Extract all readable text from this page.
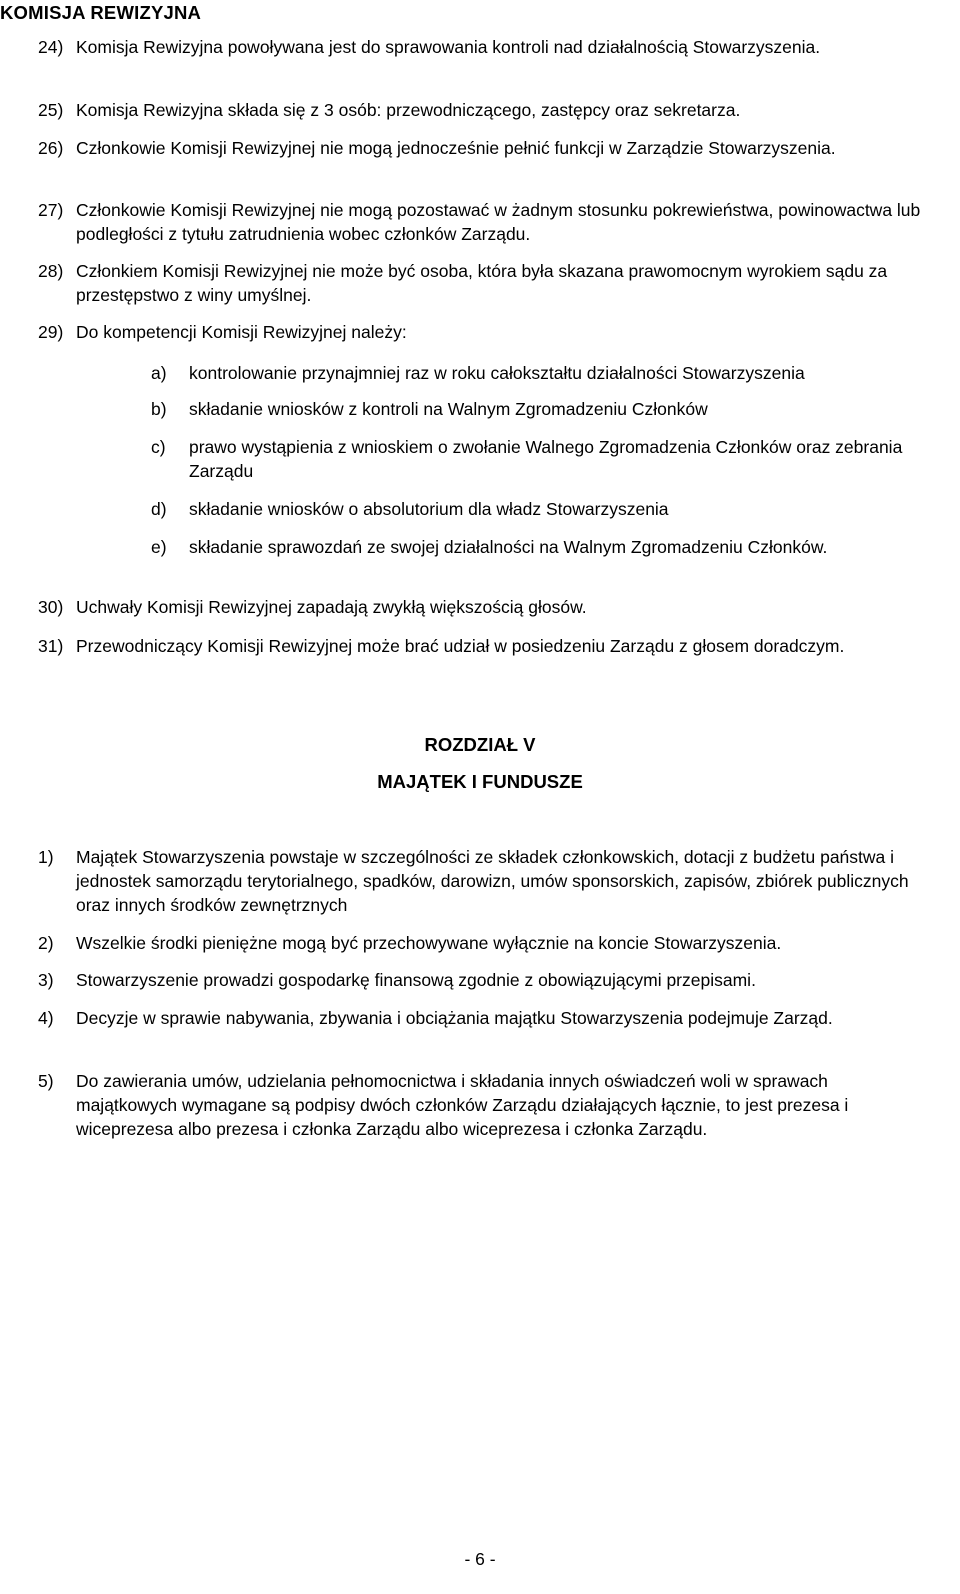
KOMISJA REWIZYJNA
24) Komisja Rewizyjna powoływana jest do sprawowania kontroli nad działalnością Stowarzyszenia.
25) Komisja Rewizyjna składa się z 3 osób: przewodniczącego, zastępcy oraz sekretarza.
26) Członkowie Komisji Rewizyjnej nie mogą jednocześnie pełnić funkcji w Zarządzie Stowarzyszenia.
27) Członkowie Komisji Rewizyjnej nie mogą pozostawać w żadnym stosunku pokrewieństwa, powinowactwa lub podległości z tytułu zatrudnienia wobec członków Zarządu.
28) Członkiem Komisji Rewizyjnej nie może być osoba, która była skazana prawomocnym wyrokiem sądu za przestępstwo z winy umyślnej.
29) Do kompetencji Komisji Rewizyjnej należy:
a)	kontrolowanie przynajmniej raz w roku całokształtu działalności Stowarzyszenia
b)	składanie wniosków z kontroli na Walnym Zgromadzeniu Członków
c)	prawo wystąpienia z wnioskiem o zwołanie Walnego Zgromadzenia Członków oraz zebrania Zarządu
d)	składanie wniosków o absolutorium dla władz Stowarzyszenia
e)	składanie sprawozdań ze swojej działalności na Walnym Zgromadzeniu Członków.
30) Uchwały Komisji Rewizyjnej zapadają zwykłą większością głosów.
31) Przewodniczący Komisji Rewizyjnej może brać udział w posiedzeniu Zarządu z głosem doradczym.
ROZDZIAŁ V
MAJĄTEK I FUNDUSZE
1)	Majątek Stowarzyszenia powstaje w szczególności ze składek członkowskich, dotacji z budżetu państwa i jednostek samorządu terytorialnego, spadków, darowizn, umów sponsorskich, zapisów, zbiórek publicznych oraz innych środków zewnętrznych
2)	Wszelkie środki pieniężne mogą być przechowywane wyłącznie na koncie Stowarzyszenia.
3)	Stowarzyszenie prowadzi gospodarkę finansową zgodnie z obowiązującymi przepisami.
4)	Decyzje w sprawie nabywania, zbywania i obciążania majątku Stowarzyszenia podejmuje Zarząd.
5)	Do zawierania umów, udzielania pełnomocnictwa i składania innych oświadczeń woli w sprawach majątkowych wymagane są podpisy dwóch członków Zarządu działających łącznie, to jest prezesa i wiceprezesa albo prezesa i członka Zarządu albo wiceprezesa i członka Zarządu.
- 6 -
